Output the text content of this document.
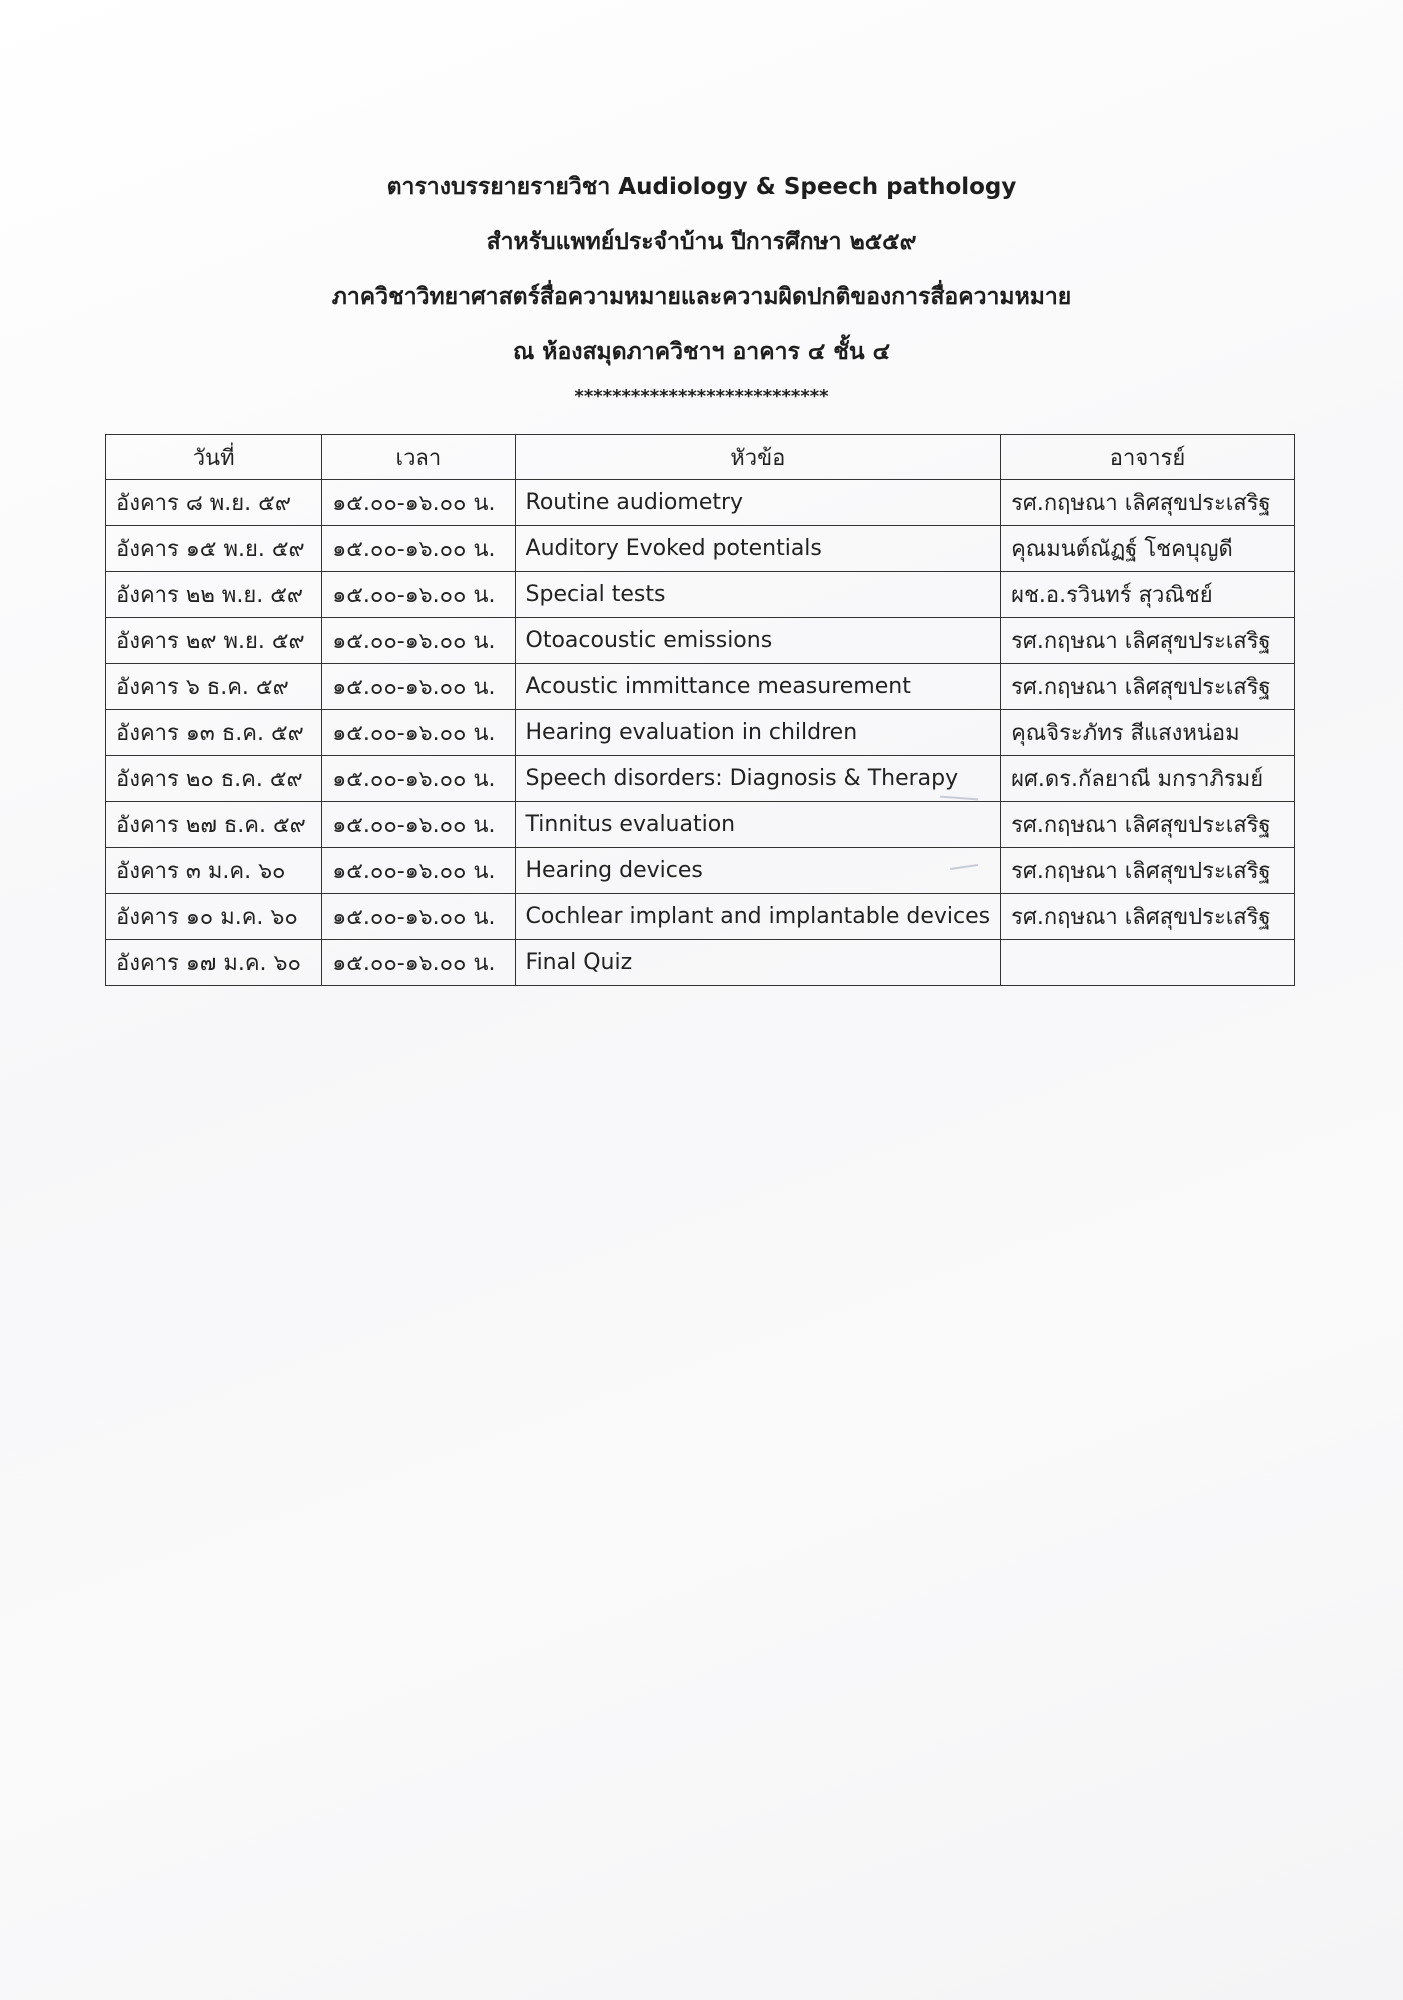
ตารางบรรยายรายวิชา Audiology & Speech pathology
สำหรับแพทย์ประจำบ้าน ปีการศึกษา ๒๕๕๙
ภาควิชาวิทยาศาสตร์สื่อความหมายและความผิดปกติของการสื่อความหมาย
ณ ห้องสมุดภาควิชาฯ อาคาร ๔ ชั้น ๔
***************************
วันที่	เวลา	หัวข้อ	อาจารย์
อังคาร ๘ พ.ย. ๕๙	๑๕.๐๐-๑๖.๐๐ น.	Routine audiometry	รศ.กฤษณา เลิศสุขประเสริฐ
อังคาร ๑๕ พ.ย. ๕๙	๑๕.๐๐-๑๖.๐๐ น.	Auditory Evoked potentials	คุณมนต์ณัฏฐ์ โชคบุญดี
อังคาร ๒๒ พ.ย. ๕๙	๑๕.๐๐-๑๖.๐๐ น.	Special tests	ผช.อ.รวินทร์ สุวณิชย์
อังคาร ๒๙ พ.ย. ๕๙	๑๕.๐๐-๑๖.๐๐ น.	Otoacoustic emissions	รศ.กฤษณา เลิศสุขประเสริฐ
อังคาร ๖ ธ.ค. ๕๙	๑๕.๐๐-๑๖.๐๐ น.	Acoustic immittance measurement	รศ.กฤษณา เลิศสุขประเสริฐ
อังคาร ๑๓ ธ.ค. ๕๙	๑๕.๐๐-๑๖.๐๐ น.	Hearing evaluation in children	คุณจิระภัทร สีแสงหน่อม
อังคาร ๒๐ ธ.ค. ๕๙	๑๕.๐๐-๑๖.๐๐ น.	Speech disorders: Diagnosis & Therapy	ผศ.ดร.กัลยาณี มกราภิรมย์
อังคาร ๒๗ ธ.ค. ๕๙	๑๕.๐๐-๑๖.๐๐ น.	Tinnitus evaluation	รศ.กฤษณา เลิศสุขประเสริฐ
อังคาร ๓ ม.ค. ๖๐	๑๕.๐๐-๑๖.๐๐ น.	Hearing devices	รศ.กฤษณา เลิศสุขประเสริฐ
อังคาร ๑๐ ม.ค. ๖๐	๑๕.๐๐-๑๖.๐๐ น.	Cochlear implant and implantable devices	รศ.กฤษณา เลิศสุขประเสริฐ
อังคาร ๑๗ ม.ค. ๖๐	๑๕.๐๐-๑๖.๐๐ น.	Final Quiz	
